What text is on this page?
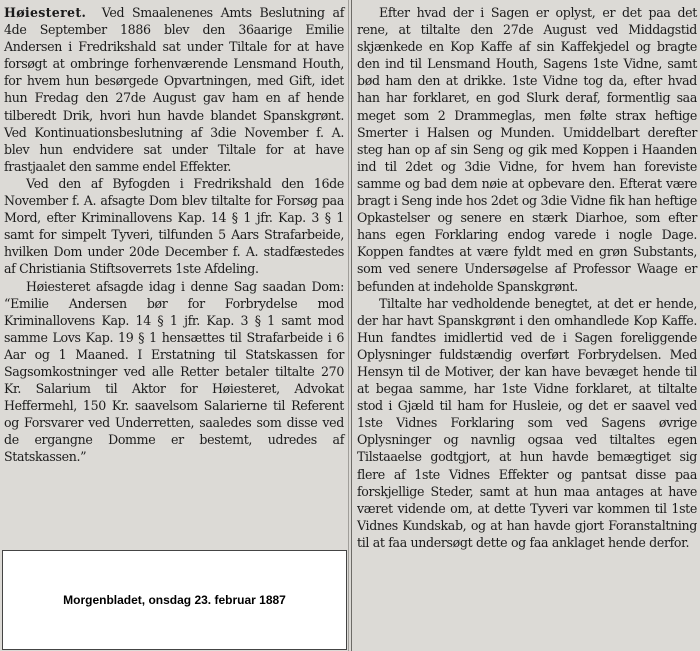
Høiesteret. Ved Smaalenenes Amts Beslutning af 4de September 1886 blev den 36aarige Emilie Andersen i Fredrikshald sat under Tiltale for at have forsøgt at ombringe forhenværende Lensmand Houth, for hvem hun besørgede Opvartningen, med Gift, idet hun Fredag den 27de August gav ham en af hende tilberedt Drik, hvori hun havde blandet Spanskgrønt. Ved Kontinuationsbeslutning af 3die November f. A. blev hun endvidere sat under Tiltale for at have frastjaalet den samme endel Effekter.

Ved den af Byfogden i Fredrikshald den 16de November f. A. afsagte Dom blev tiltalte for Forsøg paa Mord, efter Kriminallovens Kap. 14 § 1 jfr. Kap. 3 § 1 samt for simpelt Tyveri, tilfunden 5 Aars Strafarbeide, hvilken Dom under 20de December f. A. stadfæstedes af Christiania Stiftsoverrets 1ste Afdeling.

Høiesteret afsagde idag i denne Sag saadan Dom: “Emilie Andersen bør for Forbrydelse mod Kriminallovens Kap. 14 § 1 jfr. Kap. 3 § 1 samt mod samme Lovs Kap. 19 § 1 hensættes til Strafarbeide i 6 Aar og 1 Maaned. I Erstatning til Statskassen for Sagsomkostninger ved alle Retter betaler tiltalte 270 Kr. Salarium til Aktor for Høiesteret, Advokat Heffermehl, 150 Kr. saavelsom Salarierne til Referent og Forsvarer ved Underretten, saaledes som disse ved de ergangne Domme er bestemt, udredes af Statskassen.”

Efter hvad der i Sagen er oplyst, er det paa det rene, at tiltalte den 27de August ved Middagstid skjænkede en Kop Kaffe af sin Kaffekjedel og bragte den ind til Lensmand Houth, Sagens 1ste Vidne, samt bød ham den at drikke. 1ste Vidne tog da, efter hvad han har forklaret, en god Slurk deraf, formentlig saa meget som 2 Drammeglas, men følte strax heftige Smerter i Halsen og Munden. Umiddelbart derefter steg han op af sin Seng og gik med Koppen i Haanden ind til 2det og 3die Vidne, for hvem han foreviste samme og bad dem nøie at opbevare den. Efterat være bragt i Seng inde hos 2det og 3die Vidne fik han heftige Opkastelser og senere en stærk Diarhoe, som efter hans egen Forklaring endog varede i nogle Dage. Koppen fandtes at være fyldt med en grøn Substants, som ved senere Undersøgelse af Professor Waage er befunden at indeholde Spanskgrønt.

Tiltalte har vedholdende benegtet, at det er hende, der har havt Spanskgrønt i den omhandlede Kop Kaffe. Hun fandtes imidlertid ved de i Sagen foreliggende Oplysninger fuldstændig overført Forbrydelsen. Med Hensyn til de Motiver, der kan have bevæget hende til at begaa samme, har 1ste Vidne forklaret, at tiltalte stod i Gjæld til ham for Husleie, og det er saavel ved 1ste Vidnes Forklaring som ved Sagens øvrige Oplysninger og navnlig ogsaa ved tiltaltes egen Tilstaaelse godtgjort, at hun havde bemægtiget sig flere af 1ste Vidnes Effekter og pantsat disse paa forskjellige Steder, samt at hun maa antages at have været vidende om, at dette Tyveri var kommen til 1ste Vidnes Kundskab, og at han havde gjort Foranstaltning til at faa undersøgt dette og faa anklaget hende derfor.

Morgenbladet, onsdag 23. februar 1887
